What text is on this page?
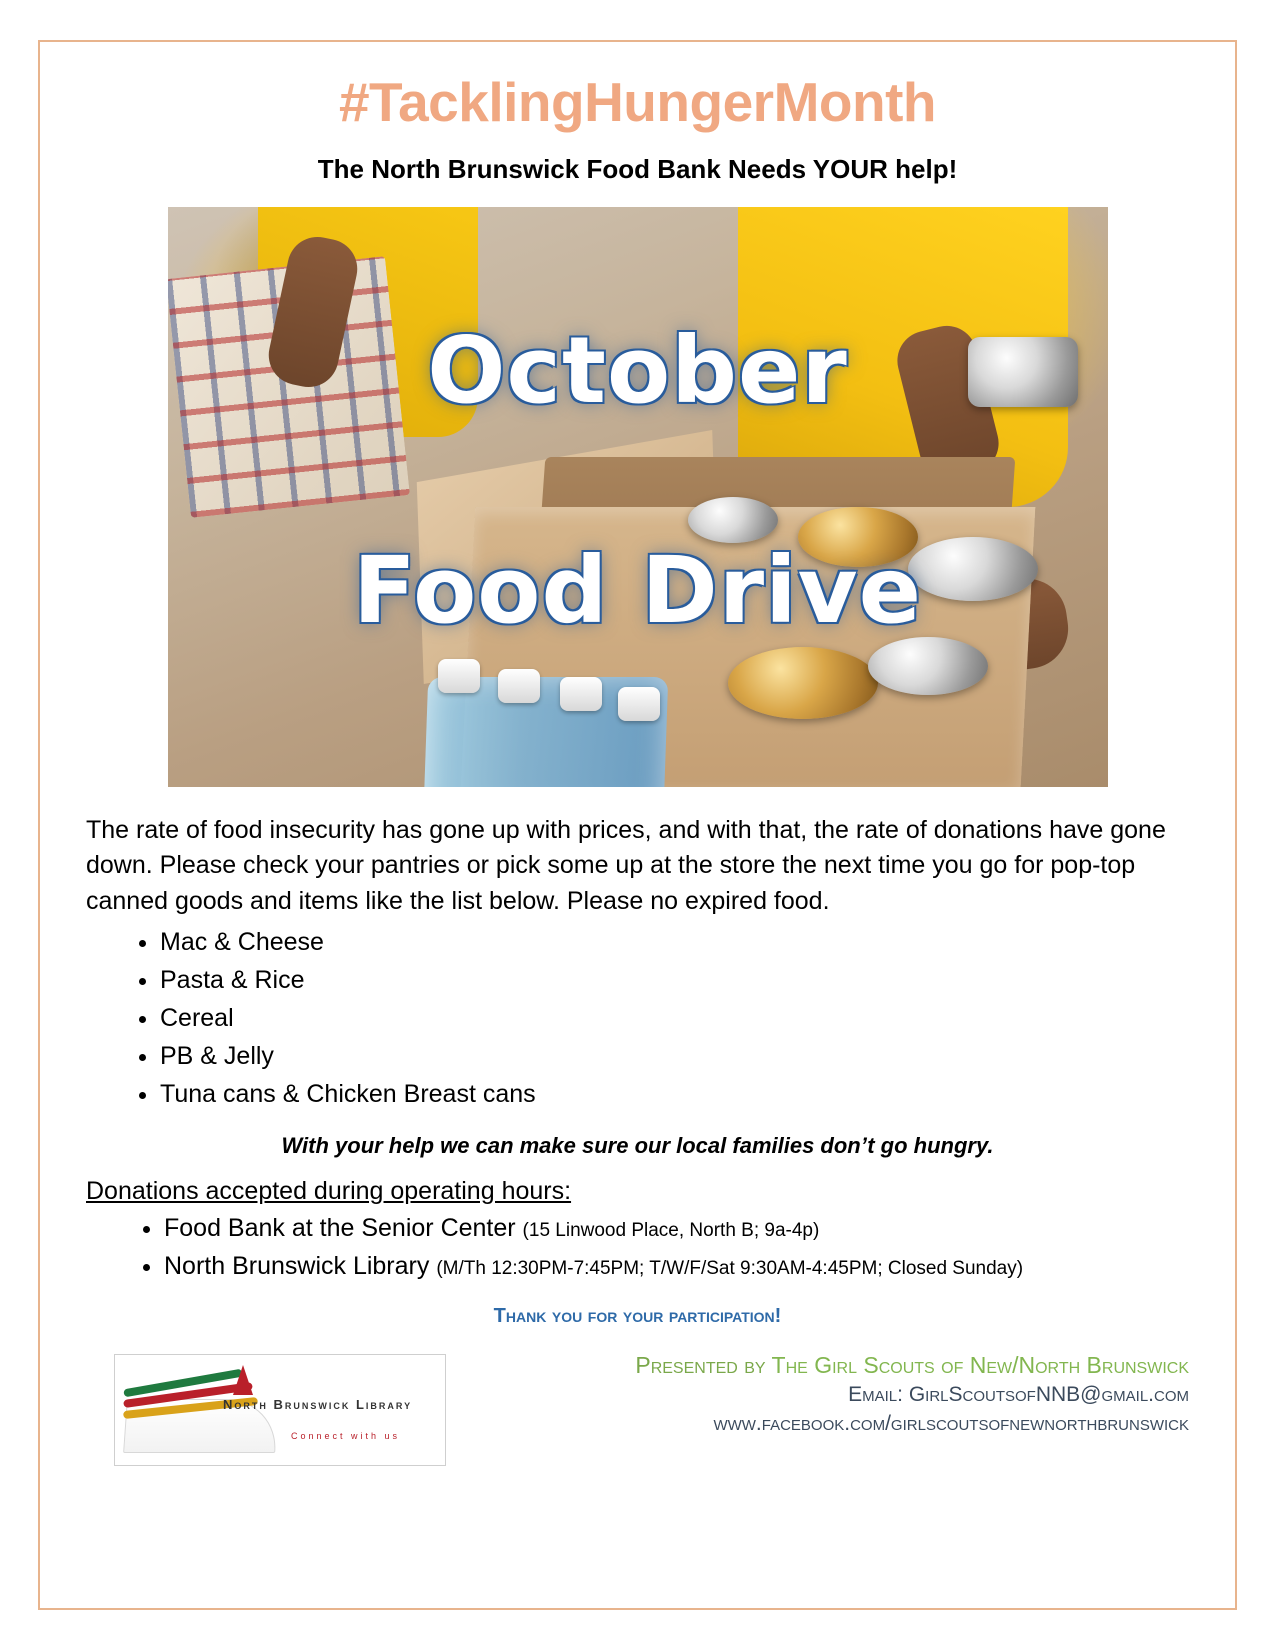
#TacklingHungerMonth
The North Brunswick Food Bank Needs YOUR help!
October
Food Drive

The rate of food insecurity has gone up with prices, and with that, the rate of donations have gone down. Please check your pantries or pick some up at the store the next time you go for pop-top canned goods and items like the list below. Please no expired food.

• Mac & Cheese
• Pasta & Rice
• Cereal
• PB & Jelly
• Tuna cans & Chicken Breast cans

With your help we can make sure our local families don’t go hungry.

Donations accepted during operating hours:

• Food Bank at the Senior Center (15 Linwood Place, North B; 9a-4p)
• North Brunswick Library (M/Th 12:30PM-7:45PM; T/W/F/Sat 9:30AM-4:45PM; Closed Sunday)

Thank you for your participation!

North Brunswick Library
Connect with us
Presented by The Girl Scouts of New/North Brunswick
Email: GirlScoutsofNNB@gmail.com
www.facebook.com/girlscoutsofnewnorthbrunswick
